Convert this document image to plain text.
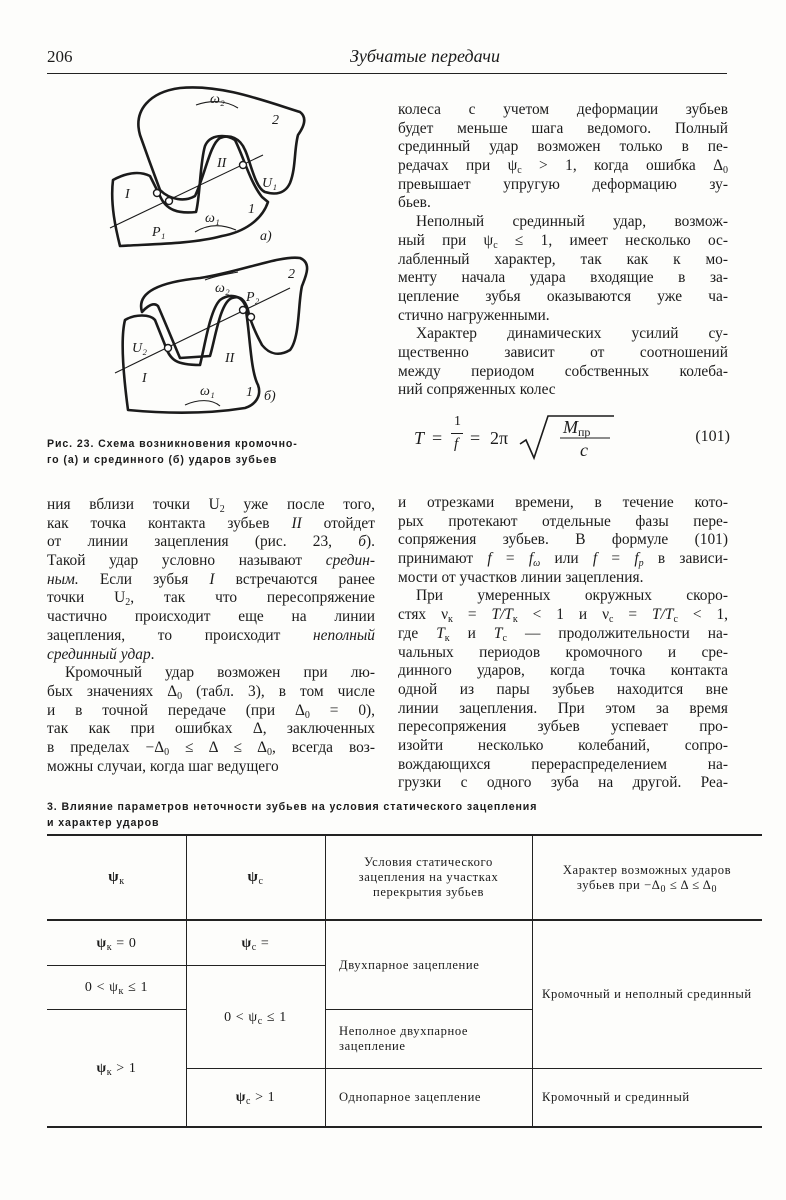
206	Зубчатые передачи
ω₂
2
II
U₁
I
P₁
ω₁
1
а)
ω₂
P₂
2
U₂
II
I
ω₁ 1 б)
Рис. 23. Схема возникновения кромочно-
го (а) и срединного (б) ударов зубьев
ния вблизи точки U2 уже после того,
как точка контакта зубьев II отойдет
от линии зацепления (рис. 23, б).
Такой удар условно называют средин-
ным. Если зубья I встречаются ранее
точки U2, так что пересопряжение
частично происходит еще на линии
зацепления, то происходит неполный
срединный удар.
Кромочный удар возможен при лю-
бых значениях Δ0 (табл. 3), в том числе
и в точной передаче (при Δ0 = 0),
так как при ошибках Δ, заключенных
в пределах −Δ0 ≤ Δ ≤ Δ0, всегда воз-
можны случаи, когда шаг ведущего
колеса с учетом деформации зубьев
будет меньше шага ведомого. Полный
срединный удар возможен только в пе-
редачах при ψc > 1, когда ошибка Δ0
превышает упругую деформацию зу-
бьев.
Неполный срединный удар, возмож-
ный при ψc ≤ 1, имеет несколько ос-
лабленный характер, так как к мо-
менту начала удара входящие в за-
цепление зубья оказываются уже ча-
стично нагруженными.
Характер динамических усилий су-
щественно зависит от соотношений
между периодом собственных колеба-
ний сопряженных колес
T =
1
f = 2π
Mпр
c
(101)
и отрезками времени, в течение кото-
рых протекают отдельные фазы пере-
сопряжения зубьев. В формуле (101)
принимают f = fω или f = fp в зависи-
мости от участков линии зацепления.
При умеренных окружных скоро-
стях νк = T/Tк < 1 и νc = T/Tc < 1,
где Tк и Tc — продолжительности на-
чальных периодов кромочного и сре-
динного ударов, когда точка контакта
одной из пары зубьев находится вне
линии зацепления. При этом за время
пересопряжения зубьев успевает про-
изойти несколько колебаний, сопро-
вождающихся перераспределением на-
грузки с одного зуба на другой. Реа-
3. Влияние параметров неточности зубьев на условия статического зацепления
и характер ударов
$\psi_к$	$\psi_c$
Условия статического зацепления на участках перекрытия зубьев
Характер возможных ударов зубьев при $-\Delta_0 \le \Delta \le \Delta_0$
$\psi_к = 0$
$0 < \psi_к \le 1$
$\psi_к > 1$
$\psi_c$ =
$0 < \psi_c \le 1$
$\psi_c > 1$
Двухпарное зацепление
Неполное двухпарное зацепление
Однопарное зацепление
Кромочный и неполный срединный
Кромочный и срединный
